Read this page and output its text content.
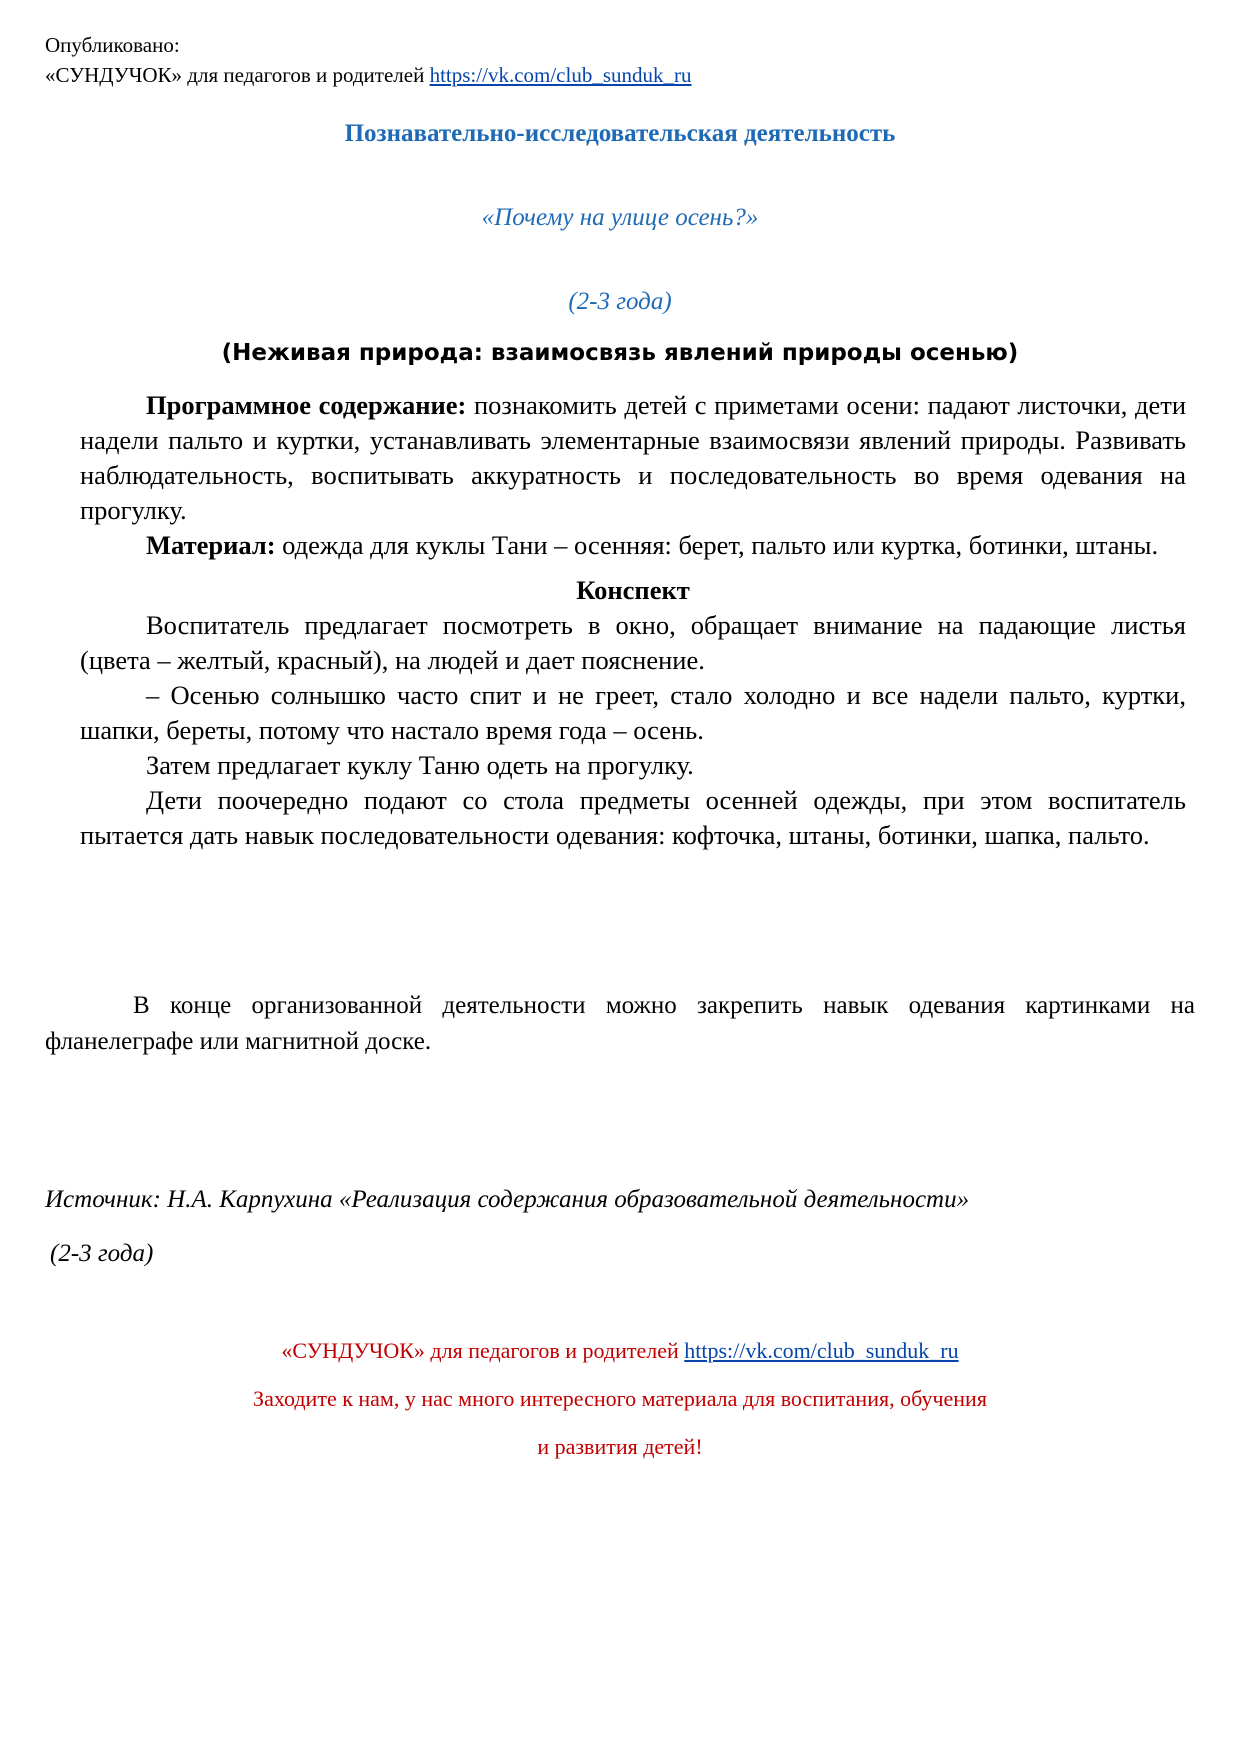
Опубликовано:
«СУНДУЧОК» для педагогов и родителей https://vk.com/club_sunduk_ru
Познавательно-исследовательская деятельность
«Почему на улице осень?»
(2-3 года)
(Неживая природа: взаимосвязь явлений природы осенью)

Программное содержание: познакомить детей с приметами осени: падают листочки, дети надели пальто и куртки, устанавливать элементарные взаимосвязи явлений природы. Развивать наблюдательность, воспитывать аккуратность и последовательность во время одевания на прогулку.

Материал: одежда для куклы Тани – осенняя: берет, пальто или куртка, ботинки, штаны.

Конспект

Воспитатель предлагает посмотреть в окно, обращает внимание на падающие листья (цвета – желтый, красный), на людей и дает пояснение.

– Осенью солнышко часто спит и не греет, стало холодно и все надели пальто, куртки, шапки, береты, потому что настало время года – осень.

Затем предлагает куклу Таню одеть на прогулку.

Дети поочередно подают со стола предметы осенней одежды, при этом воспитатель пытается дать навык последовательности одевания: кофточка, штаны, ботинки, шапка, пальто.

В конце организованной деятельности можно закрепить навык одевания картинками на фланелеграфе или магнитной доске.
Источник: Н.А. Карпухина «Реализация содержания образовательной деятельности»
(2-3 года)
«СУНДУЧОК» для педагогов и родителей https://vk.com/club_sunduk_ru
Заходите к нам, у нас много интересного материала для воспитания, обучения
и развития детей!
